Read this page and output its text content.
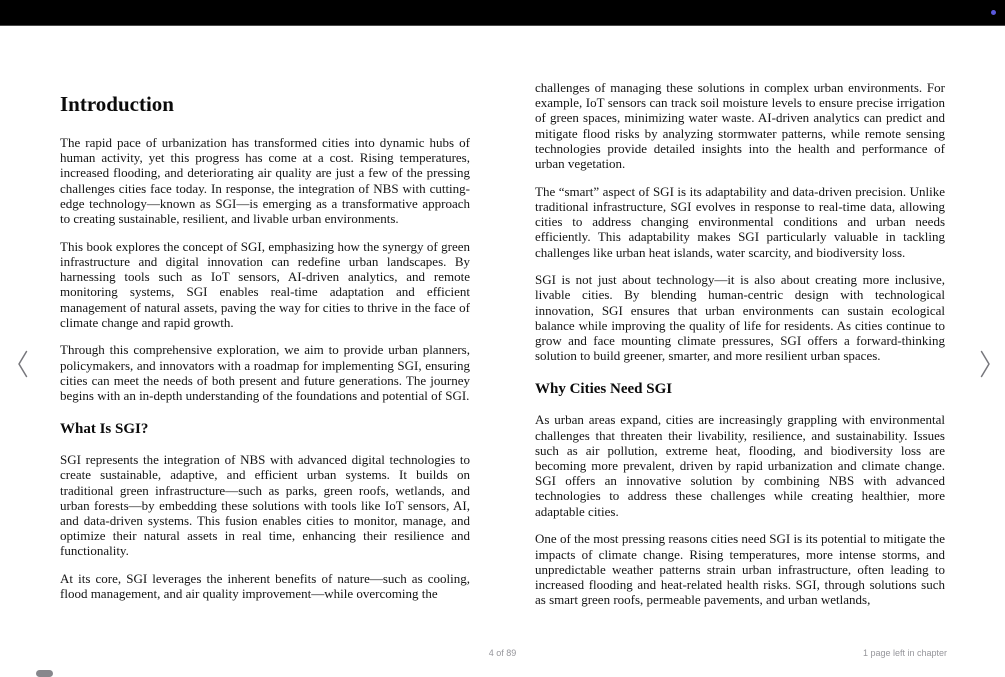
Introduction

The rapid pace of urbanization has transformed cities into dynamic hubs of human activity, yet this progress has come at a cost. Rising temperatures, increased flooding, and deteriorating air quality are just a few of the pressing challenges cities face today. In response, the integration of NBS with cutting-edge technology—known as SGI—is emerging as a transformative approach to creating sustainable, resilient, and livable urban environments.

This book explores the concept of SGI, emphasizing how the synergy of green infrastructure and digital innovation can redefine urban landscapes. By harnessing tools such as IoT sensors, AI-driven analytics, and remote monitoring systems, SGI enables real-time adaptation and efficient management of natural assets, paving the way for cities to thrive in the face of climate change and rapid growth.

Through this comprehensive exploration, we aim to provide urban planners, policymakers, and innovators with a roadmap for implementing SGI, ensuring cities can meet the needs of both present and future generations. The journey begins with an in-depth understanding of the foundations and potential of SGI.

What Is SGI?

SGI represents the integration of NBS with advanced digital technologies to create sustainable, adaptive, and efficient urban systems. It builds on traditional green infrastructure—such as parks, green roofs, wetlands, and urban forests—by embedding these solutions with tools like IoT sensors, AI, and data-driven systems. This fusion enables cities to monitor, manage, and optimize their natural assets in real time, enhancing their resilience and functionality.

At its core, SGI leverages the inherent benefits of nature—such as cooling, flood management, and air quality improvement—while overcoming the

challenges of managing these solutions in complex urban environments. For example, IoT sensors can track soil moisture levels to ensure precise irrigation of green spaces, minimizing water waste. AI-driven analytics can predict and mitigate flood risks by analyzing stormwater patterns, while remote sensing technologies provide detailed insights into the health and performance of urban vegetation.

The “smart” aspect of SGI is its adaptability and data-driven precision. Unlike traditional infrastructure, SGI evolves in response to real-time data, allowing cities to address changing environmental conditions and urban needs efficiently. This adaptability makes SGI particularly valuable in tackling challenges like urban heat islands, water scarcity, and biodiversity loss.

SGI is not just about technology—it is also about creating more inclusive, livable cities. By blending human-centric design with technological innovation, SGI ensures that urban environments can sustain ecological balance while improving the quality of life for residents. As cities continue to grow and face mounting climate pressures, SGI offers a forward-thinking solution to build greener, smarter, and more resilient urban spaces.

Why Cities Need SGI

As urban areas expand, cities are increasingly grappling with environmental challenges that threaten their livability, resilience, and sustainability. Issues such as air pollution, extreme heat, flooding, and biodiversity loss are becoming more prevalent, driven by rapid urbanization and climate change. SGI offers an innovative solution by combining NBS with advanced technologies to address these challenges while creating healthier, more adaptable cities.

One of the most pressing reasons cities need SGI is its potential to mitigate the impacts of climate change. Rising temperatures, more intense storms, and unpredictable weather patterns strain urban infrastructure, often leading to increased flooding and heat-related health risks. SGI, through solutions such as smart green roofs, permeable pavements, and urban wetlands,

4 of 89	1 page left in chapter
